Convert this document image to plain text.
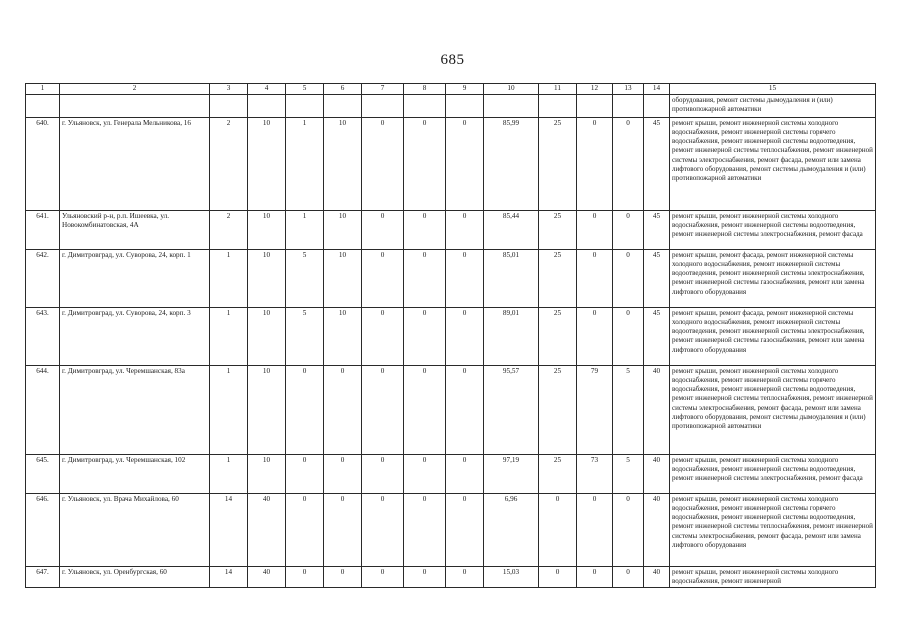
685
1	2	3	4	5	6	7	8	9	10	11	12	13	14	15
														оборудования, ремонт системы дымоудаления и (или) противопожарной автоматики
640.	г. Ульяновск, ул. Генерала Мельникова, 16	2	10	1	10	0	0	0	85,99	25	0	0	45	ремонт крыши, ремонт инженерной системы холодного водоснабжения, ремонт инженерной системы горячего водоснабжения, ремонт инженерной системы водоотведения, ремонт инженерной системы теплоснабжения, ремонт инженерной системы электроснабжения, ремонт фасада, ремонт или замена лифтового оборудования, ремонт системы дымоудаления и (или) противопожарной автоматики
641.	Ульяновский р-н, р.п. Ишеевка, ул. Новокомбинатовская, 4А	2	10	1	10	0	0	0	85,44	25	0	0	45	ремонт крыши, ремонт инженерной системы холодного водоснабжения, ремонт инженерной системы водоотведения, ремонт инженерной системы электроснабжения, ремонт фасада
642.	г. Димитровград, ул. Суворова, 24, корп. 1	1	10	5	10	0	0	0	85,01	25	0	0	45	ремонт крыши, ремонт фасада, ремонт инженерной системы холодного водоснабжения, ремонт инженерной системы водоотведения, ремонт инженерной системы электроснабжения, ремонт инженерной системы газоснабжения, ремонт или замена лифтового оборудования
643.	г. Димитровград, ул. Суворова, 24, корп. 3	1	10	5	10	0	0	0	89,01	25	0	0	45	ремонт крыши, ремонт фасада, ремонт инженерной системы холодного водоснабжения, ремонт инженерной системы водоотведения, ремонт инженерной системы электроснабжения, ремонт инженерной системы газоснабжения, ремонт или замена лифтового оборудования
644.	г. Димитровград, ул. Черемшанская, 83а	1	10	0	0	0	0	0	95,57	25	79	5	40	ремонт крыши, ремонт инженерной системы холодного водоснабжения, ремонт инженерной системы горячего водоснабжения, ремонт инженерной системы водоотведения, ремонт инженерной системы теплоснабжения, ремонт инженерной системы электроснабжения, ремонт фасада, ремонт или замена лифтового оборудования, ремонт системы дымоудаления и (или) противопожарной автоматики
645.	г. Димитровград, ул. Черемшанская, 102	1	10	0	0	0	0	0	97,19	25	73	5	40	ремонт крыши, ремонт инженерной системы холодного водоснабжения, ремонт инженерной системы водоотведения, ремонт инженерной системы электроснабжения, ремонт фасада
646.	г. Ульяновск, ул. Врача Михайлова, 60	14	40	0	0	0	0	0	6,96	0	0	0	40	ремонт крыши, ремонт инженерной системы холодного водоснабжения, ремонт инженерной системы горячего водоснабжения, ремонт инженерной системы водоотведения, ремонт инженерной системы теплоснабжения, ремонт инженерной системы электроснабжения, ремонт фасада, ремонт или замена лифтового оборудования
647.	г. Ульяновск, ул. Оренбургская, 60	14	40	0	0	0	0	0	15,03	0	0	0	40	ремонт крыши, ремонт инженерной системы холодного водоснабжения, ремонт инженерной
